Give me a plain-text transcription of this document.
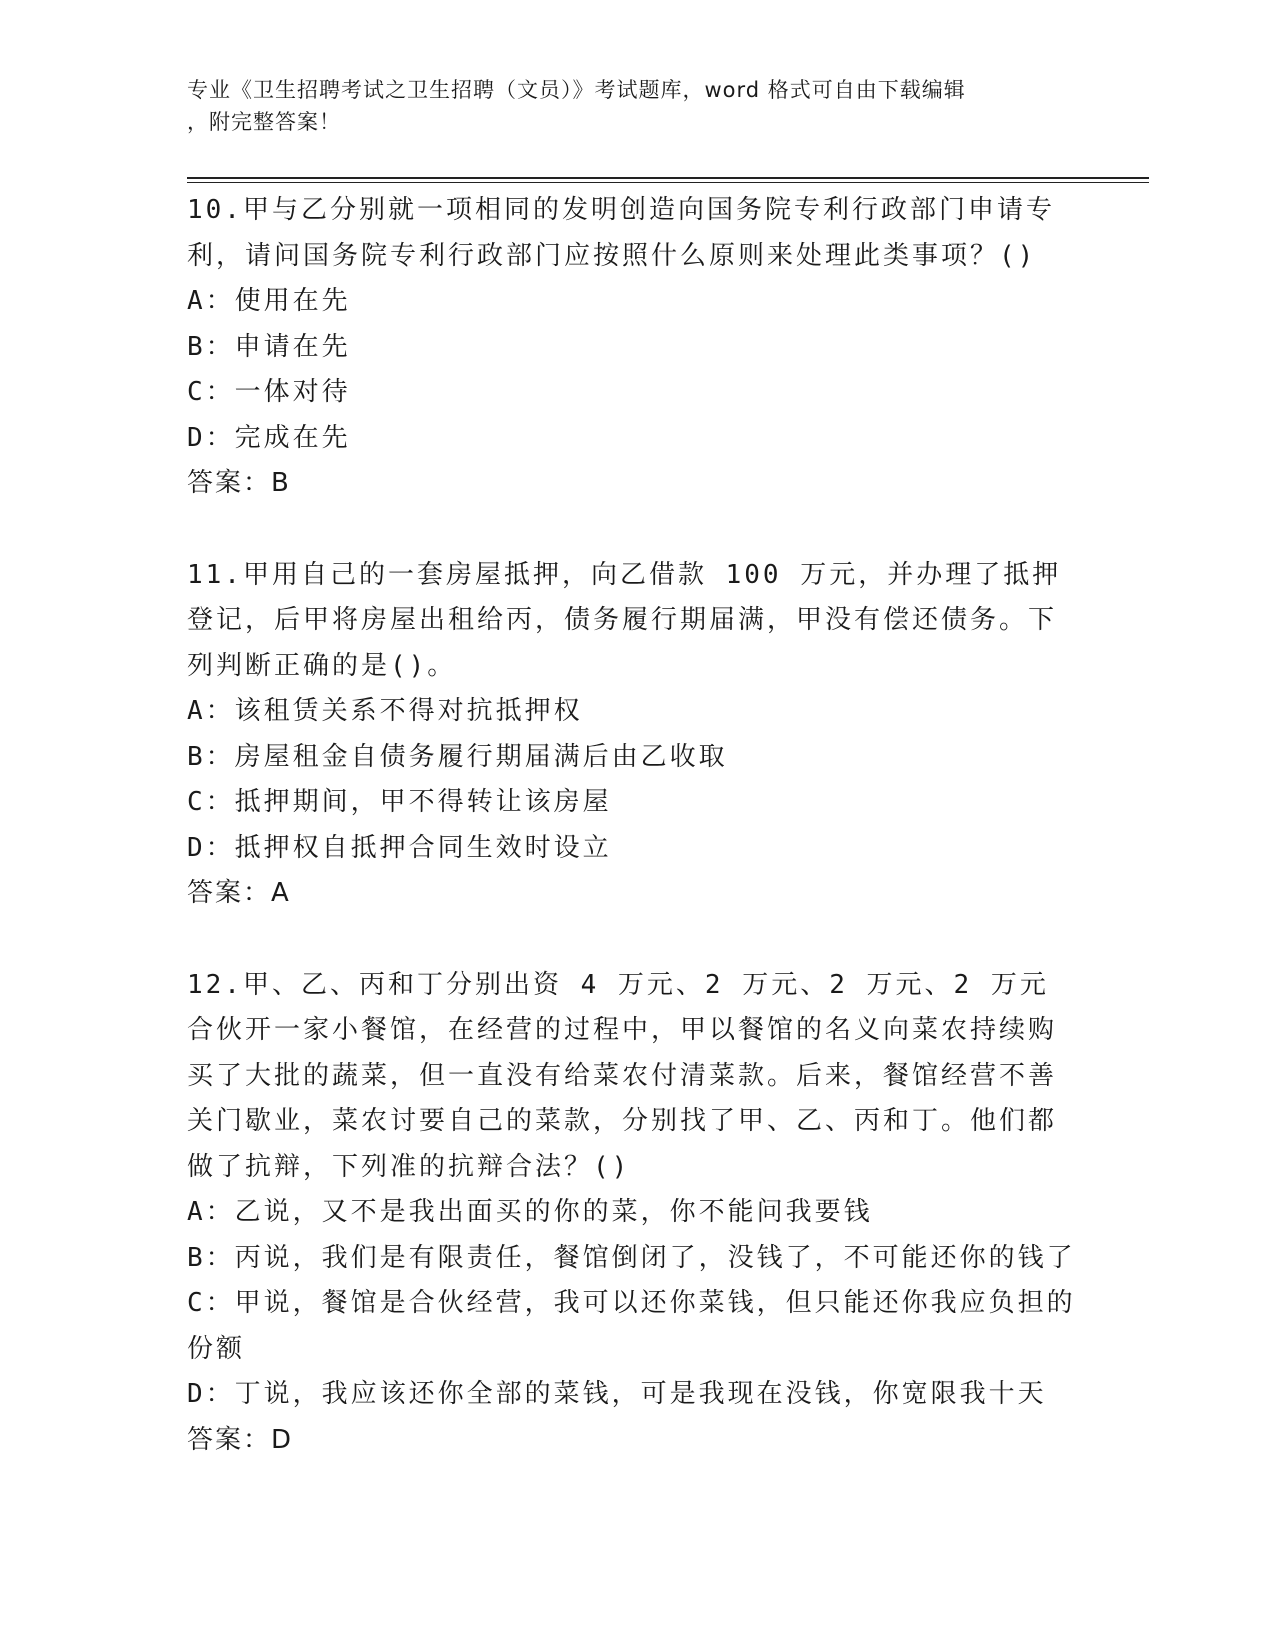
专业《卫生招聘考试之卫生招聘（文员）》考试题库，word 格式可自由下载编辑
，附完整答案！
10.甲与乙分别就一项相同的发明创造向国务院专利行政部门申请专利，请问国务院专利行政部门应按照什么原则来处理此类事项？()
A：使用在先
B：申请在先
C：一体对待
D：完成在先
答案：B
11.甲用自己的一套房屋抵押，向乙借款 100 万元，并办理了抵押登记，后甲将房屋出租给丙，债务履行期届满，甲没有偿还债务。下列判断正确的是()。
A：该租赁关系不得对抗抵押权
B：房屋租金自债务履行期届满后由乙收取
C：抵押期间，甲不得转让该房屋
D：抵押权自抵押合同生效时设立
答案：A
12.甲、乙、丙和丁分别出资 4 万元、2 万元、2 万元、2 万元合伙开一家小餐馆，在经营的过程中，甲以餐馆的名义向菜农持续购买了大批的蔬菜，但一直没有给菜农付清菜款。后来，餐馆经营不善关门歇业，菜农讨要自己的菜款，分别找了甲、乙、丙和丁。他们都做了抗辩，下列准的抗辩合法？()
A：乙说，又不是我出面买的你的菜，你不能问我要钱
B：丙说，我们是有限责任，餐馆倒闭了，没钱了，不可能还你的钱了
C：甲说，餐馆是合伙经营，我可以还你菜钱，但只能还你我应负担的份额
D：丁说，我应该还你全部的菜钱，可是我现在没钱，你宽限我十天
答案：D
